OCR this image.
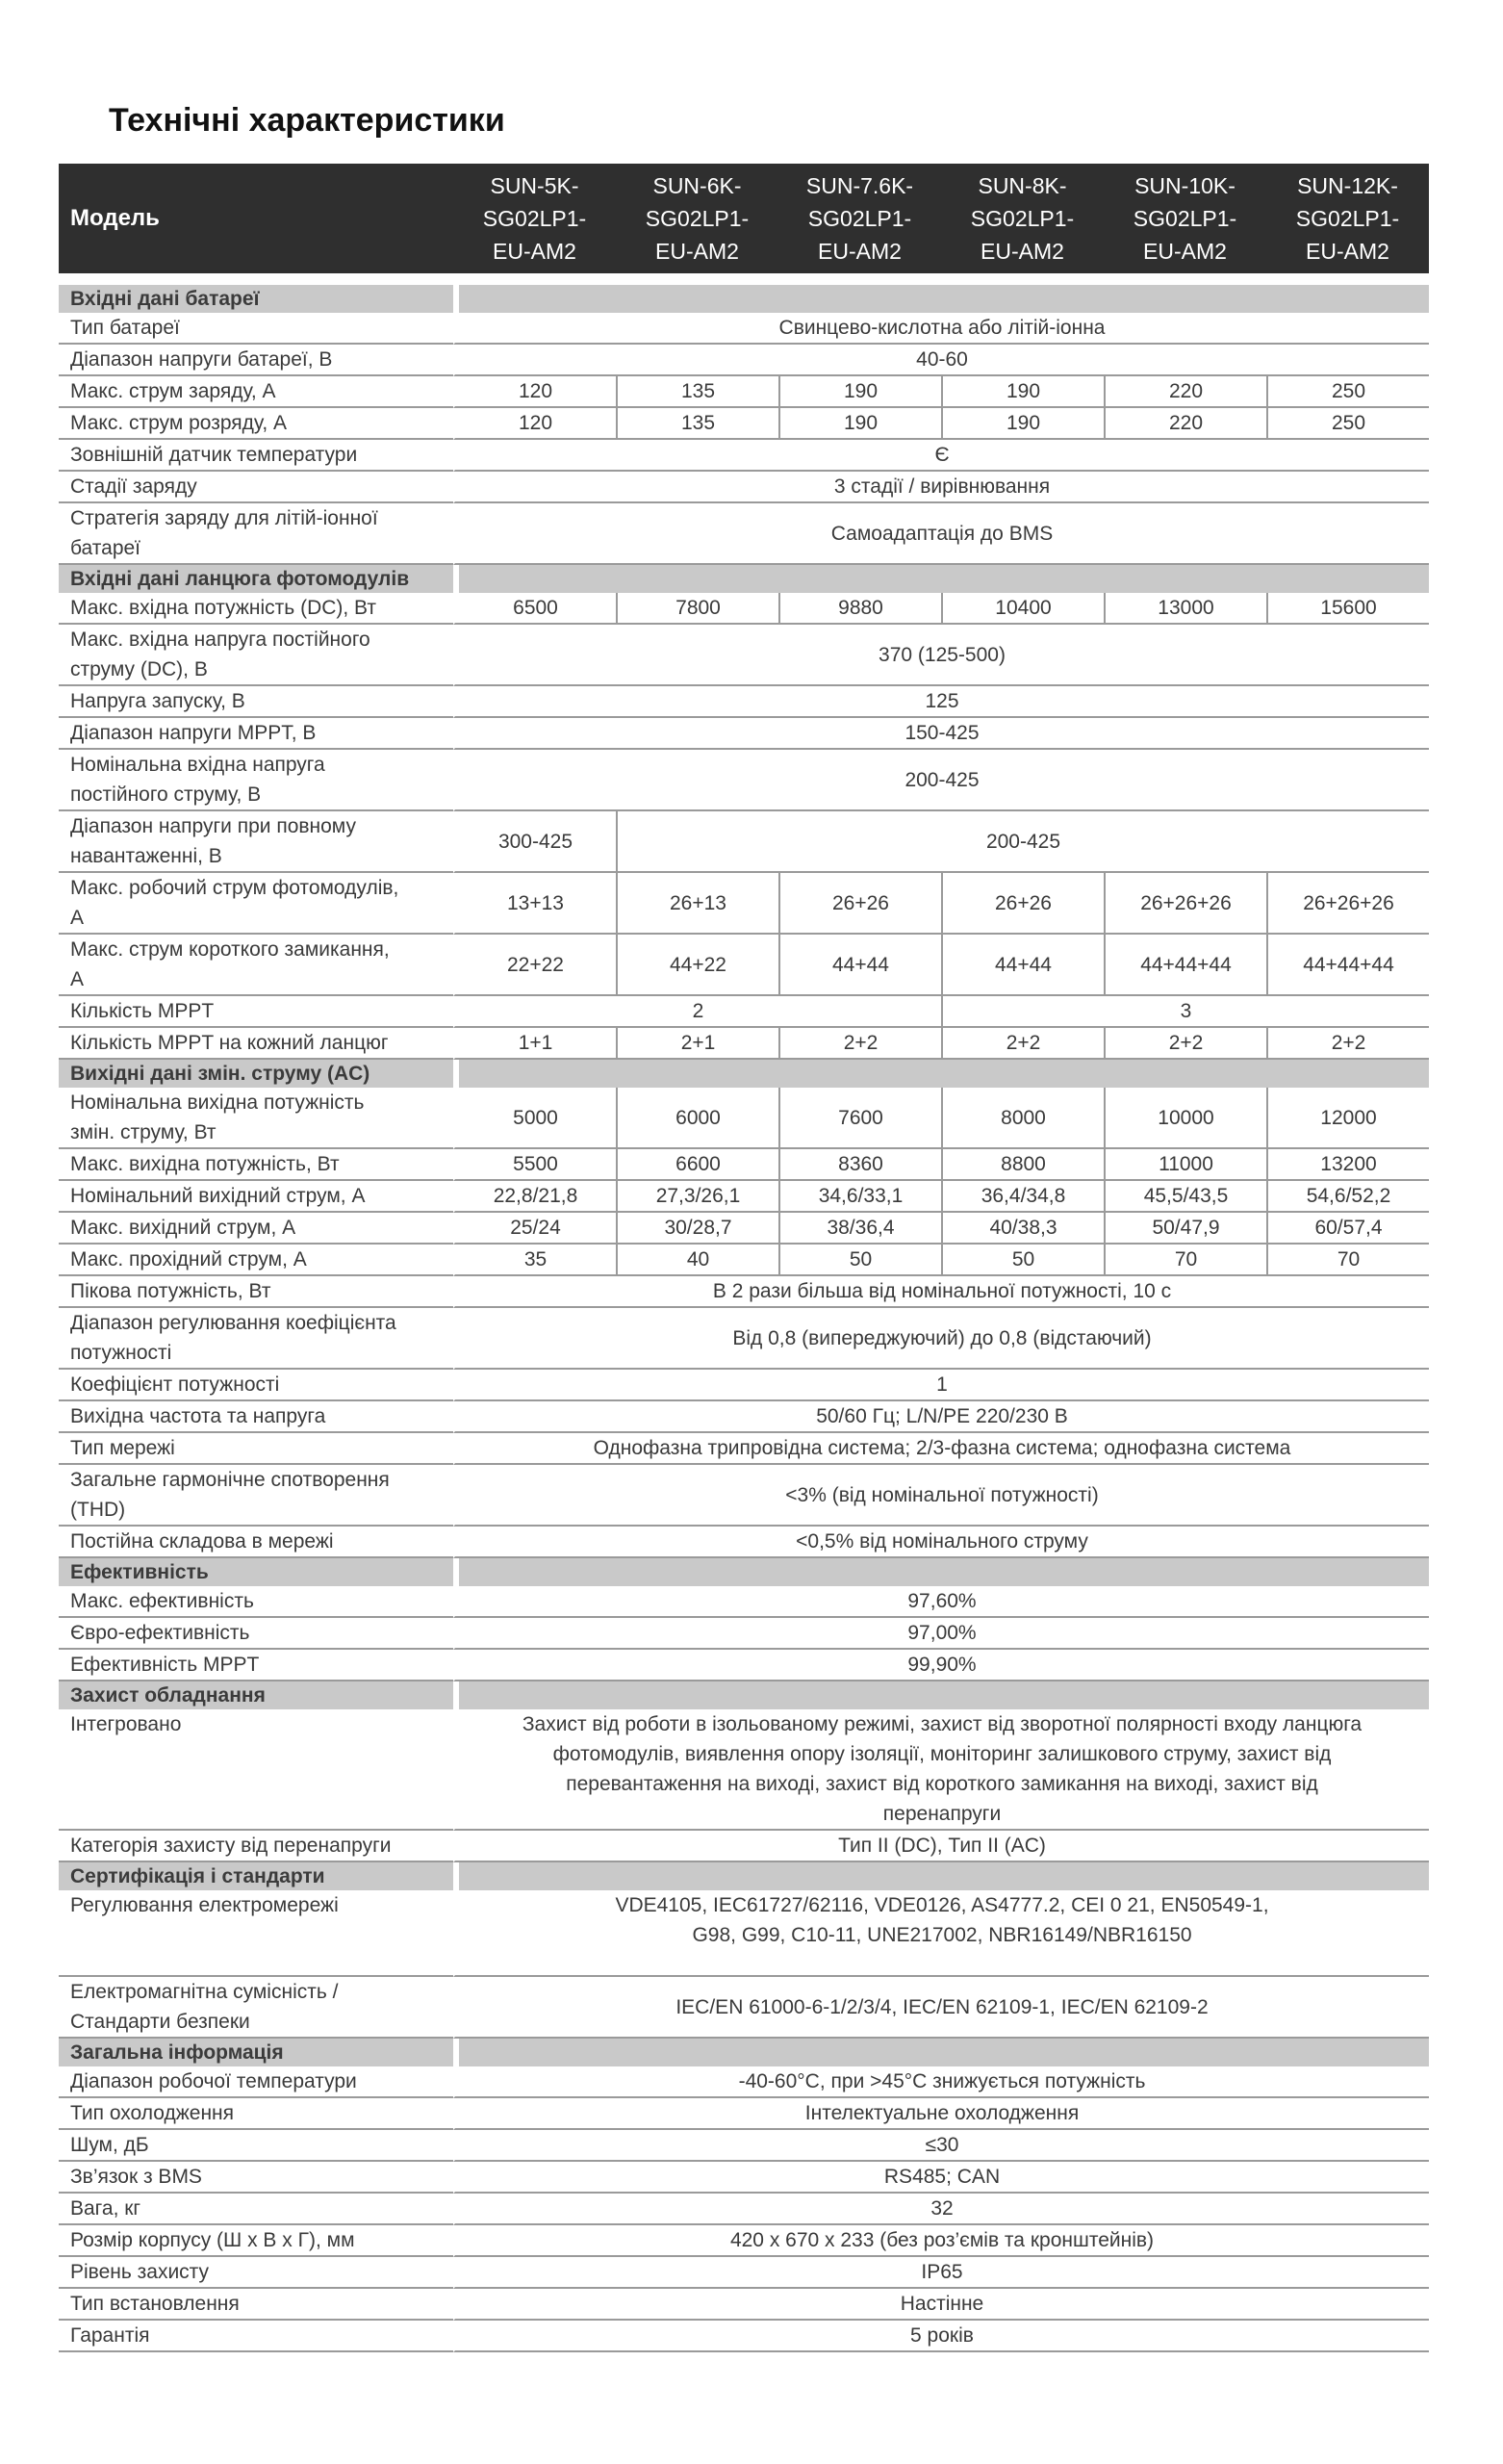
Технічні характеристики
Модель	SUN-5K-
SG02LP1-
EU-AM2	SUN-6K-
SG02LP1-
EU-AM2	SUN-7.6K-
SG02LP1-
EU-AM2	SUN-8K-
SG02LP1-
EU-AM2	SUN-10K-
SG02LP1-
EU-AM2	SUN-12K-
SG02LP1-
EU-AM2

Вхідні дані батареї						
Тип батареї	Свинцево-кислотна або літій-іонна					
Діапазон напруги батареї, В	40-60					
Макс. струм заряду, А	120	135	190	190	220	250
Макс. струм розряду, А	120	135	190	190	220	250
Зовнішній датчик температури	Є					
Стадії заряду	3 стадії / вирівнювання					
Стратегія заряду для літій-іонної
батареї	Самоадаптація до BMS					
Вхідні дані ланцюга фотомодулів						
Макс. вхідна потужність (DC), Вт	6500	7800	9880	10400	13000	15600
Макс. вхідна напруга постійного
струму (DC), В	370 (125-500)					
Напруга запуску, В	125					
Діапазон напруги MPPT, В	150-425					
Номінальна вхідна напруга
постійного струму, В	200-425					
Діапазон напруги при повному
навантаженні, В	300-425	200-425				
Макс. робочий струм фотомодулів,
А	13+13	26+13	26+26	26+26	26+26+26	26+26+26
Макс. струм короткого замикання,
А	22+22	44+22	44+44	44+44	44+44+44	44+44+44
Кількість MPPT	2			3		
Кількість MPPT на кожний ланцюг	1+1	2+1	2+2	2+2	2+2	2+2
Вихідні дані змін. струму (AC)						
Номінальна вихідна потужність
змін. струму, Вт	5000	6000	7600	8000	10000	12000
Макс. вихідна потужність, Вт	5500	6600	8360	8800	11000	13200
Номінальний вихідний струм, А	22,8/21,8	27,3/26,1	34,6/33,1	36,4/34,8	45,5/43,5	54,6/52,2
Макс. вихідний струм, А	25/24	30/28,7	38/36,4	40/38,3	50/47,9	60/57,4
Макс. прохідний струм, А	35	40	50	50	70	70
Пікова потужність, Вт	В 2 рази більша від номінальної потужності, 10 с					
Діапазон регулювання коефіцієнта
потужності	Від 0,8 (випереджуючий) до 0,8 (відстаючий)					
Коефіцієнт потужності	1					
Вихідна частота та напруга	50/60 Гц; L/N/PE 220/230 В					
Тип мережі	Однофазна трипровідна система; 2/3-фазна система; однофазна система					
Загальне гармонічне спотворення
(THD)	<3% (від номінальної потужності)					
Постійна складова в мережі	<0,5% від номінального струму					
Ефективність						
Макс. ефективність	97,60%					
Євро-ефективність	97,00%					
Ефективність MPPT	99,90%					
Захист обладнання						
Інтегровано	Захист від роботи в ізольованому режимі, захист від зворотної полярності входу ланцюга
фотомодулів, виявлення опору ізоляції, моніторинг залишкового струму, захист від
перевантаження на виході, захист від короткого замикання на виході, захист від
перенапруги					
Категорія захисту від перенапруги	Тип II (DC), Тип II (AC)					
Сертифікація і стандарти						
Регулювання електромережі	VDE4105, IEC61727/62116, VDE0126, AS4777.2, CEI 0 21, EN50549-1,
G98, G99, C10-11, UNE217002, NBR16149/NBR16150					
Електромагнітна сумісність /
Стандарти безпеки	IEC/EN 61000-6-1/2/3/4, IEC/EN 62109-1, IEC/EN 62109-2					
Загальна інформація						
Діапазон робочої температури	-40-60°C, при >45°C знижується потужність					
Тип охолодження	Інтелектуальне охолодження					
Шум, дБ	≤30					
Зв’язок з BMS	RS485; CAN					
Вага, кг	32					
Розмір корпусу (Ш х В х Г), мм	420 х 670 х 233 (без роз’ємів та кронштейнів)					
Рівень захисту	IP65					
Тип встановлення	Настінне					
Гарантія	5 років					
